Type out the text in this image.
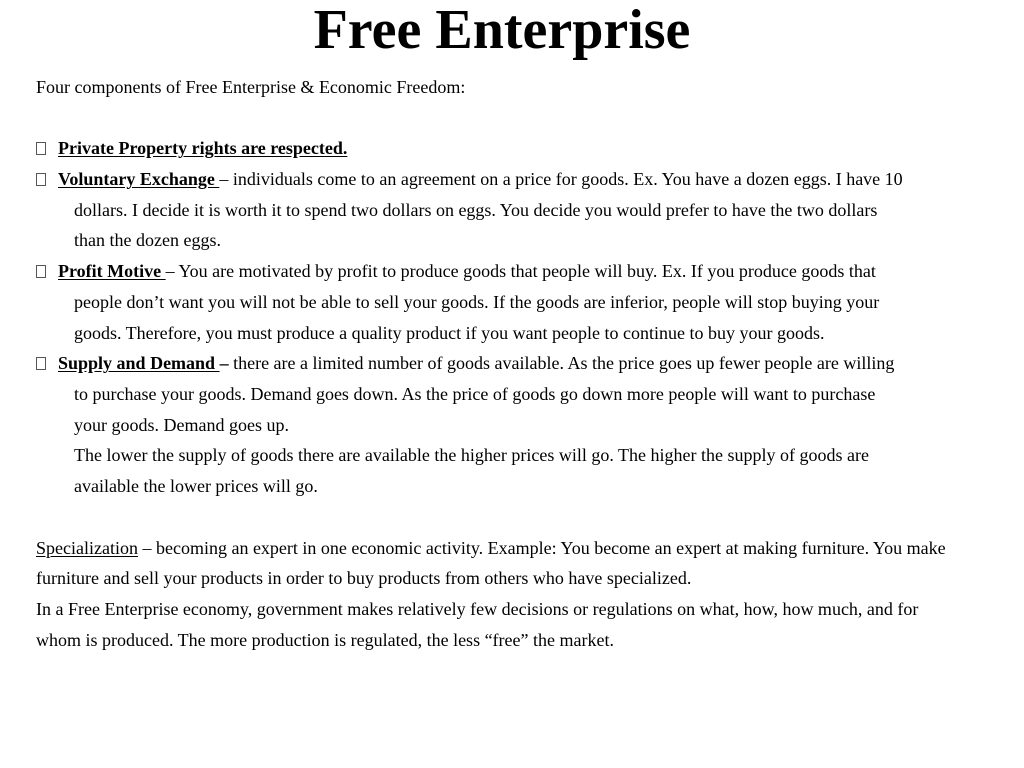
Free Enterprise

Four components of Free Enterprise & Economic Freedom:

Private Property rights are respected.

Voluntary Exchange – individuals come to an agreement on a price for goods. Ex. You have a dozen eggs. I have 10 dollars. I decide it is worth it to spend two dollars on eggs. You decide you would prefer to have the two dollars than the dozen eggs.

Profit Motive – You are motivated by profit to produce goods that people will buy. Ex. If you produce goods that people don’t want you will not be able to sell your goods. If the goods are inferior, people will stop buying your goods. Therefore, you must produce a quality product if you want people to continue to buy your goods.

Supply and Demand – there are a limited number of goods available. As the price goes up fewer people are willing to purchase your goods. Demand goes down. As the price of goods go down more people will want to purchase your goods. Demand goes up.

The lower the supply of goods there are available the higher prices will go. The higher the supply of goods are available the lower prices will go.

Specialization – becoming an expert in one economic activity. Example: You become an expert at making furniture. You make furniture and sell your products in order to buy products from others who have specialized.

In a Free Enterprise economy, government makes relatively few decisions or regulations on what, how, how much, and for whom is produced. The more production is regulated, the less “free” the market.
